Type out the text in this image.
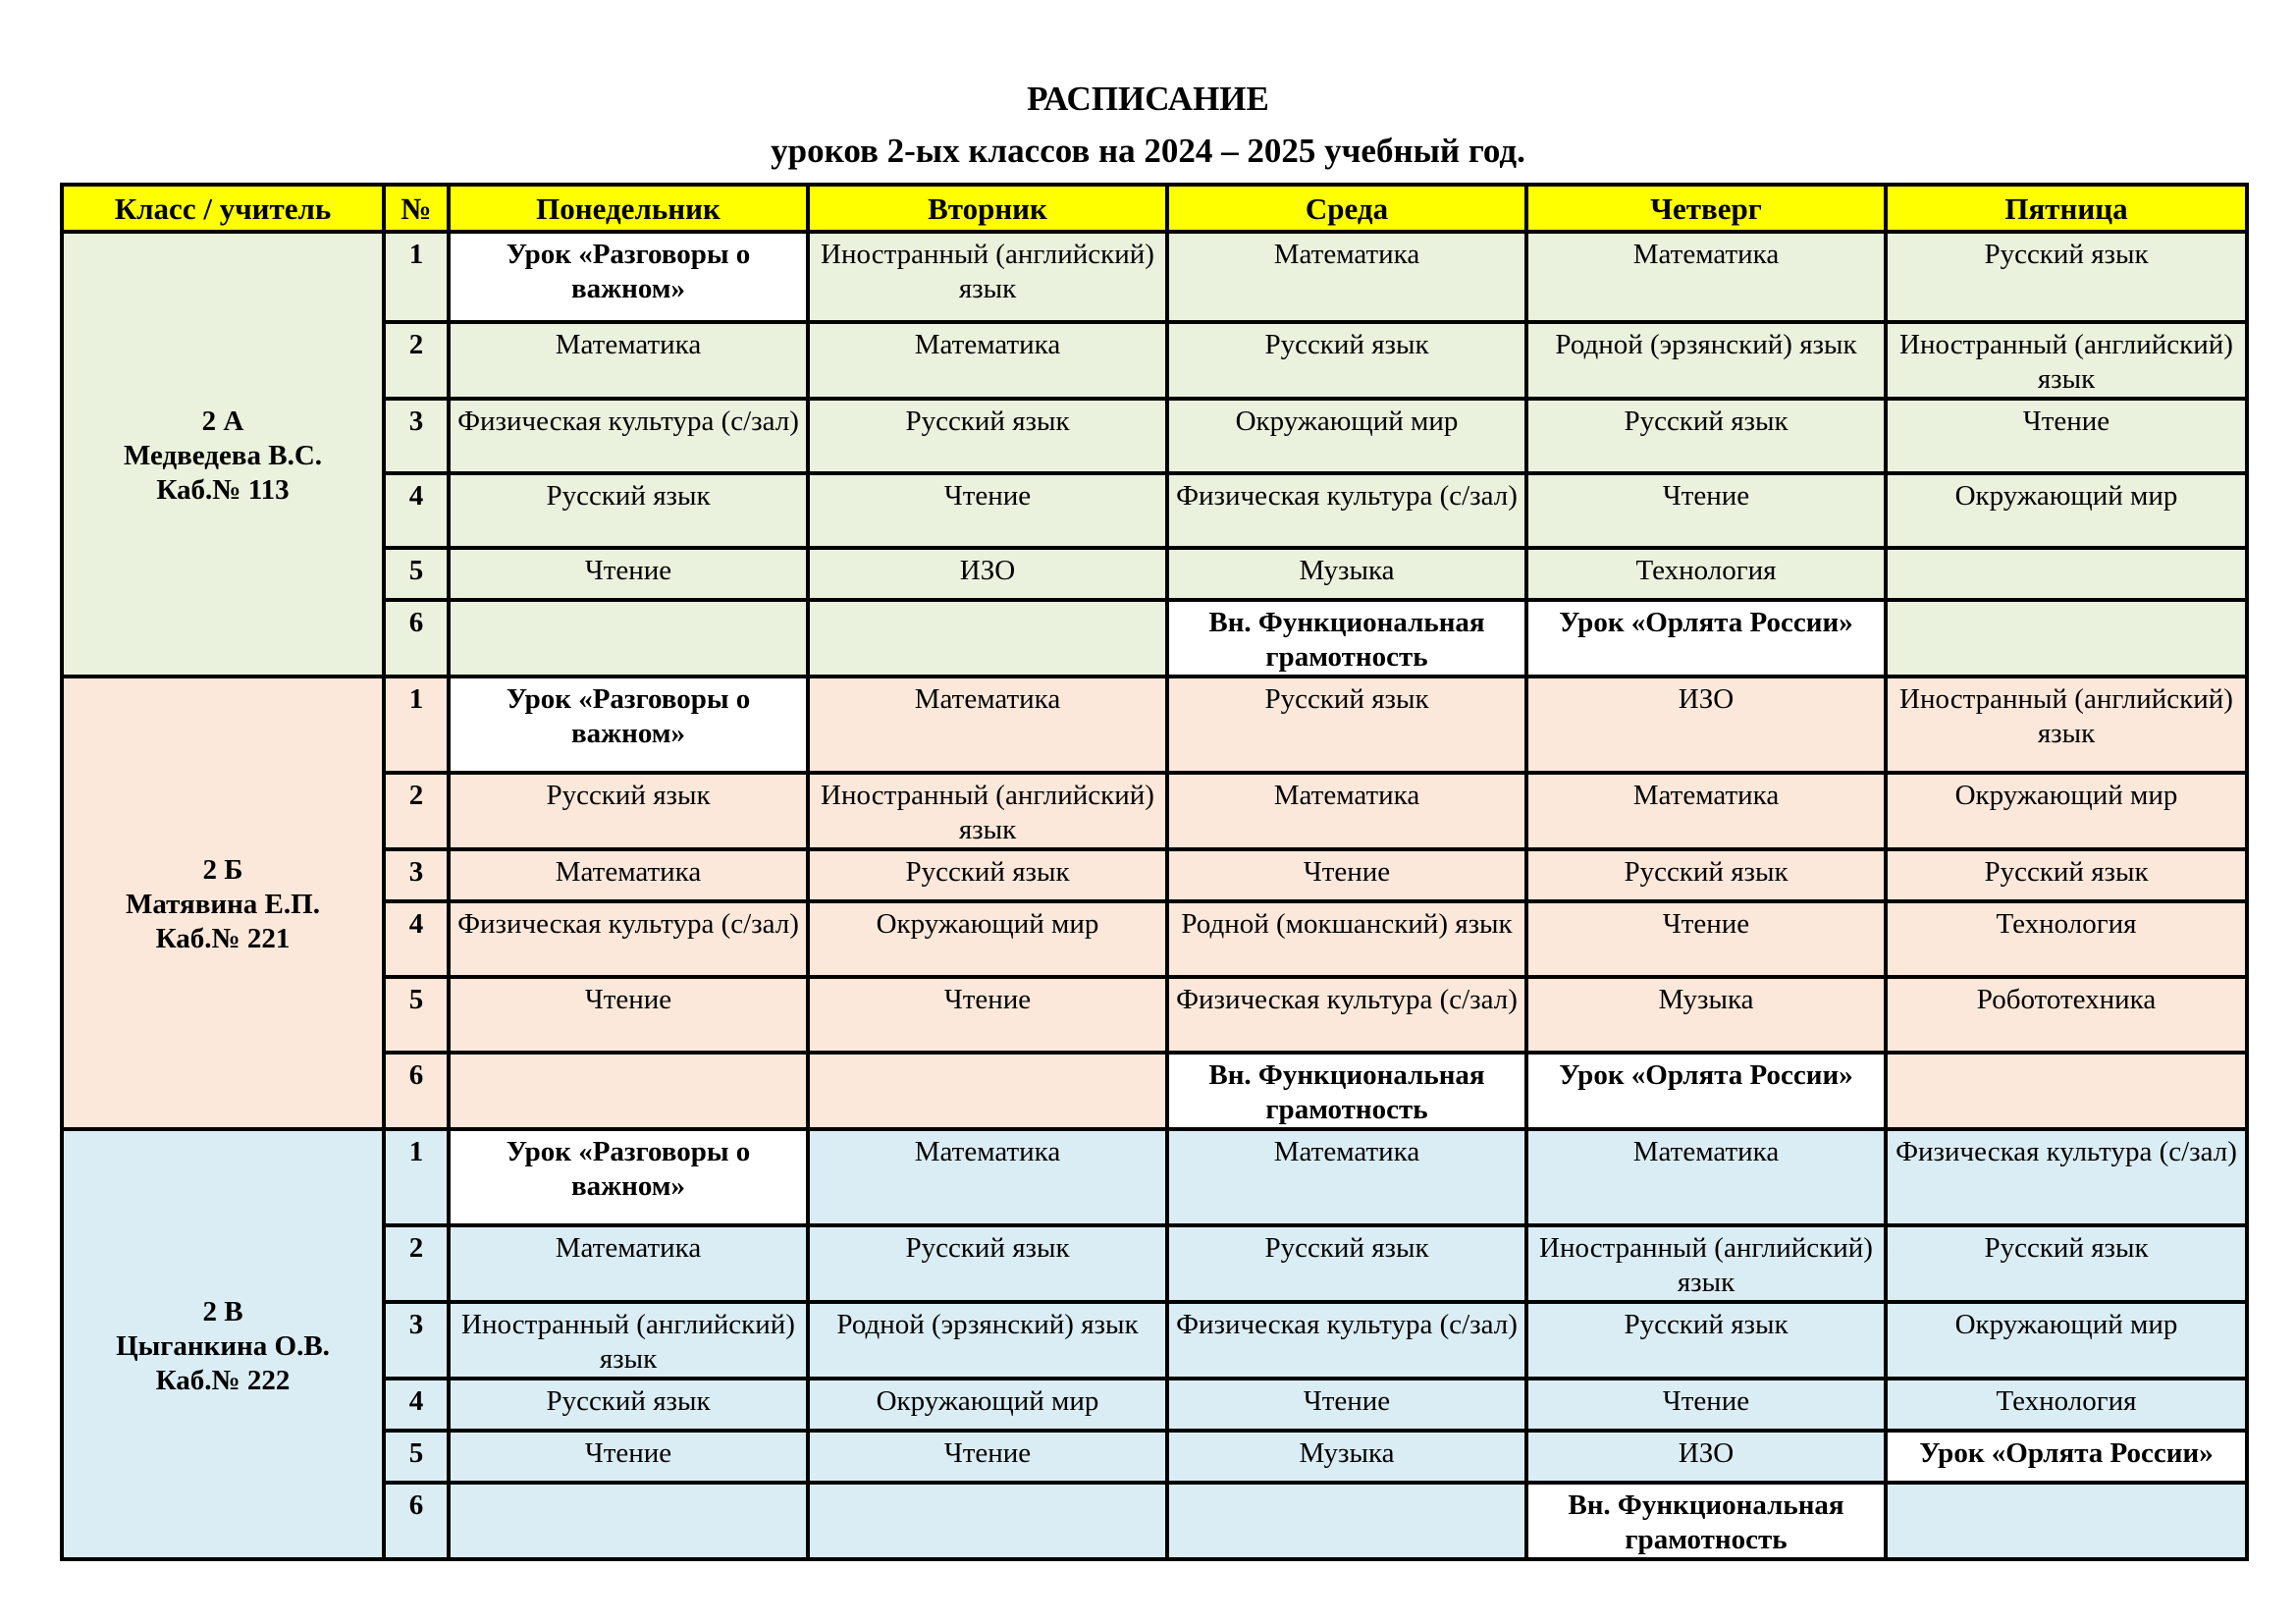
РАСПИСАНИЕ
уроков 2-ых классов на 2024 – 2025 учебный год.
Класс / учитель	№	Понедельник	Вторник	Среда	Четверг	Пятница

2 А
Медведева В.С.
Каб.№ 113	1	Урок «Разговоры о важном»	Иностранный (английский) язык	Математика	Математика	Русский язык
	2	Математика	Математика	Русский язык	Родной (эрзянский) язык	Иностранный (английский) язык
	3	Физическая культура (с/зал)	Русский язык	Окружающий мир	Русский язык	Чтение
	4	Русский язык	Чтение	Физическая культура (с/зал)	Чтение	Окружающий мир
	5	Чтение	ИЗО	Музыка	Технология	
	6			Вн. Функциональная грамотность	Урок «Орлята России»	

2 Б
Матявина Е.П.
Каб.№ 221	1	Урок «Разговоры о важном»	Математика	Русский язык	ИЗО	Иностранный (английский) язык
	2	Русский язык	Иностранный (английский) язык	Математика	Математика	Окружающий мир
	3	Математика	Русский язык	Чтение	Русский язык	Русский язык
	4	Физическая культура (с/зал)	Окружающий мир	Родной (мокшанский) язык	Чтение	Технология
	5	Чтение	Чтение	Физическая культура (с/зал)	Музыка	Робототехника
	6			Вн. Функциональная грамотность	Урок «Орлята России»	

2 В
Цыганкина О.В.
Каб.№ 222	1	Урок «Разговоры о важном»	Математика	Математика	Математика	Физическая культура (с/зал)
	2	Математика	Русский язык	Русский язык	Иностранный (английский) язык	Русский язык
	3	Иностранный (английский) язык	Родной (эрзянский) язык	Физическая культура (с/зал)	Русский язык	Окружающий мир
	4	Русский язык	Окружающий мир	Чтение	Чтение	Технология
	5	Чтение	Чтение	Музыка	ИЗО	Урок «Орлята России»
	6				Вн. Функциональная грамотность	
